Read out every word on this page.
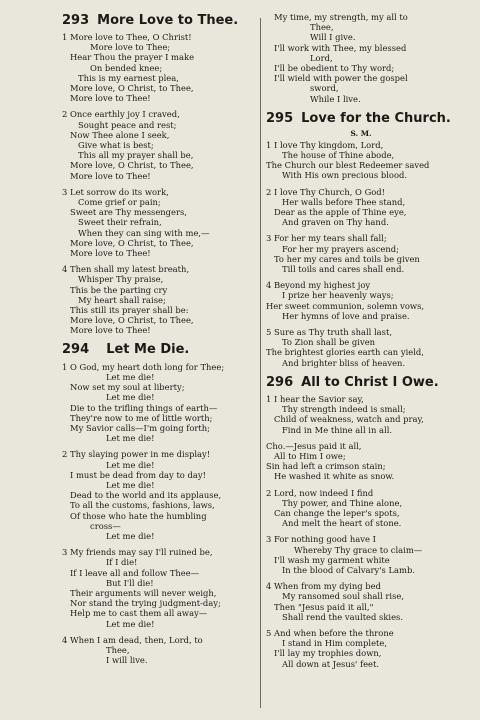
293 More Love to Thee.
1 More love to Thee, O Christ!
More love to Thee;
Hear Thou the prayer I make
On bended knee;
This is my earnest plea,
More love, O Christ, to Thee,
More love to Thee!
2 Once earthly joy I craved,
Sought peace and rest;
Now Thee alone I seek,
Give what is best;
This all my prayer shall be,
More love, O Christ, to Thee,
More love to Thee!
3 Let sorrow do its work,
Come grief or pain;
Sweet are Thy messengers,
Sweet their refrain,
When they can sing with me,—
More love, O Christ, to Thee,
More love to Thee!
4 Then shall my latest breath,
Whisper Thy praise,
This be the parting cry
My heart shall raise;
This still its prayer shall be:
More love, O Christ, to Thee,
More love to Thee!
294 Let Me Die.
1 O God, my heart doth long for Thee;
Let me die!
Now set my soul at liberty;
Let me die!
Die to the trifling things of earth—
They're now to me of little worth;
My Savior calls—I'm going forth;
Let me die!
2 Thy slaying power in me display!
Let me die!
I must be dead from day to day!
Let me die!
Dead to the world and its applause,
To all the customs, fashions, laws,
Of those who hate the humbling
cross—
Let me die!
3 My friends may say I'll ruined be,
If I die!
If I leave all and follow Thee—
But I'll die!
Their arguments will never weigh,
Nor stand the trying judgment-day;
Help me to cast them all away—
Let me die!
4 When I am dead, then, Lord, to
Thee,
I will live.
My time, my strength, my all to
Thee,
Will I give.
I'll work with Thee, my blessed
Lord,
I'll be obedient to Thy word;
I'll wield with power the gospel
sword,
While I live.
295 Love for the Church.
S. M.
1 I love Thy kingdom, Lord,
The house of Thine abode,
The Church our blest Redeemer saved
With His own precious blood.
2 I love Thy Church, O God!
Her walls before Thee stand,
Dear as the apple of Thine eye,
And graven on Thy hand.
3 For her my tears shall fall;
For her my prayers ascend;
To her my cares and toils be given
Till toils and cares shall end.
4 Beyond my highest joy
I prize her heavenly ways;
Her sweet communion, solemn vows,
Her hymns of love and praise.
5 Sure as Thy truth shall last,
To Zion shall be given
The brightest glories earth can yield,
And brighter bliss of heaven.
296 All to Christ I Owe.
1 I hear the Savior say,
Thy strength indeed is small;
Child of weakness, watch and pray,
Find in Me thine all in all.
Cho.—Jesus paid it all,
All to Him I owe;
Sin had left a crimson stain;
He washed it white as snow.
2 Lord, now indeed I find
Thy power, and Thine alone,
Can change the leper's spots,
And melt the heart of stone.
3 For nothing good have I
Whereby Thy grace to claim—
I'll wash my garment white
In the blood of Calvary's Lamb.
4 When from my dying bed
My ransomed soul shall rise,
Then "Jesus paid it all,"
Shall rend the vaulted skies.
5 And when before the throne
I stand in Him complete,
I'll lay my trophies down,
All down at Jesus' feet.
